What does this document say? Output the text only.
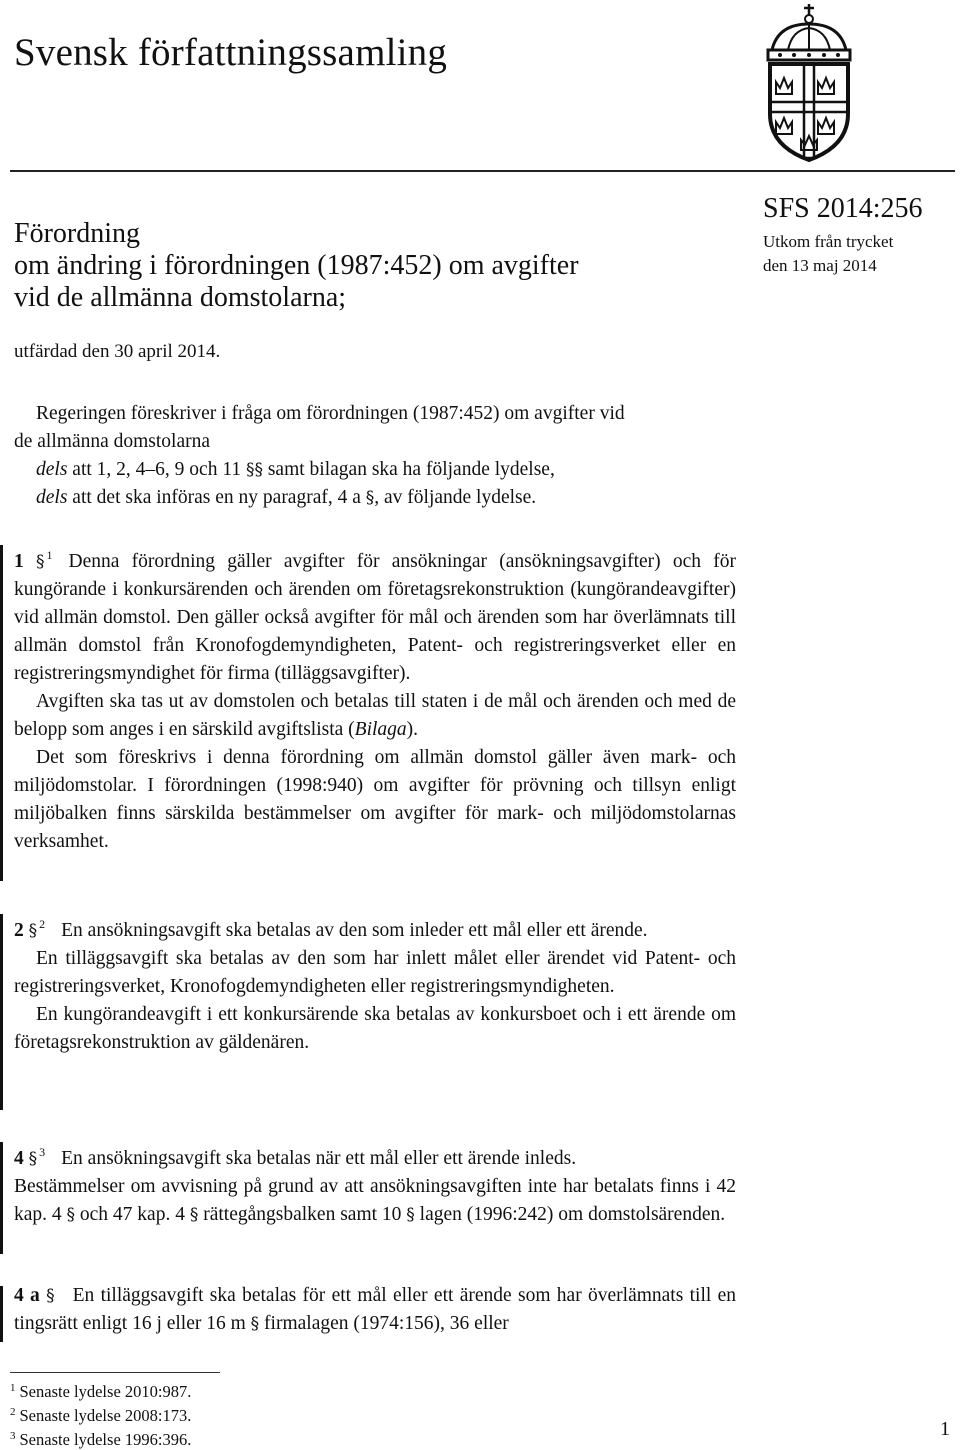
Svensk författningssamling
Förordning
om ändring i förordningen (1987:452) om avgifter
vid de allmänna domstolarna;
SFS 2014:256
Utkom från trycket
den 13 maj 2014
utfärdad den 30 april 2014.
Regeringen föreskriver i fråga om förordningen (1987:452) om avgifter vid
de allmänna domstolarna
dels att 1, 2, 4–6, 9 och 11 §§ samt bilagan ska ha följande lydelse,
dels att det ska införas en ny paragraf, 4 a §, av följande lydelse.

1 § $^1$ Denna förordning gäller avgifter för ansökningar (ansökningsavgifter) och för kungörande i konkursärenden och ärenden om företagsrekonstruktion (kungörandeavgifter) vid allmän domstol. Den gäller också avgifter för mål och ärenden som har överlämnats till allmän domstol från Kronofogdemyndigheten, Patent- och registreringsverket eller en registreringsmyndighet för firma (tilläggsavgifter).

Avgiften ska tas ut av domstolen och betalas till staten i de mål och ärenden och med de belopp som anges i en särskild avgiftslista (Bilaga).

Det som föreskrivs i denna förordning om allmän domstol gäller även mark- och miljödomstolar. I förordningen (1998:940) om avgifter för prövning och tillsyn enligt miljöbalken finns särskilda bestämmelser om avgifter för mark- och miljödomstolarnas verksamhet.

2 § $^2$ En ansökningsavgift ska betalas av den som inleder ett mål eller ett ärende.

En tilläggsavgift ska betalas av den som har inlett målet eller ärendet vid Patent- och registreringsverket, Kronofogdemyndigheten eller registreringsmyndigheten.

En kungörandeavgift i ett konkursärende ska betalas av konkursboet och i ett ärende om företagsrekonstruktion av gäldenären.

4 § $^3$ En ansökningsavgift ska betalas när ett mål eller ett ärende inleds.

Bestämmelser om avvisning på grund av att ansökningsavgiften inte har betalats finns i 42 kap. 4 § och 47 kap. 4 § rättegångsbalken samt 10 § lagen (1996:242) om domstolsärenden.

4 a § En tilläggsavgift ska betalas för ett mål eller ett ärende som har överlämnats till en tingsrätt enligt 16 j eller 16 m § firmalagen (1974:156), 36 eller

$^1$ Senaste lydelse 2010:987.
$^2$ Senaste lydelse 2008:173.
$^3$ Senaste lydelse 1996:396.	1
